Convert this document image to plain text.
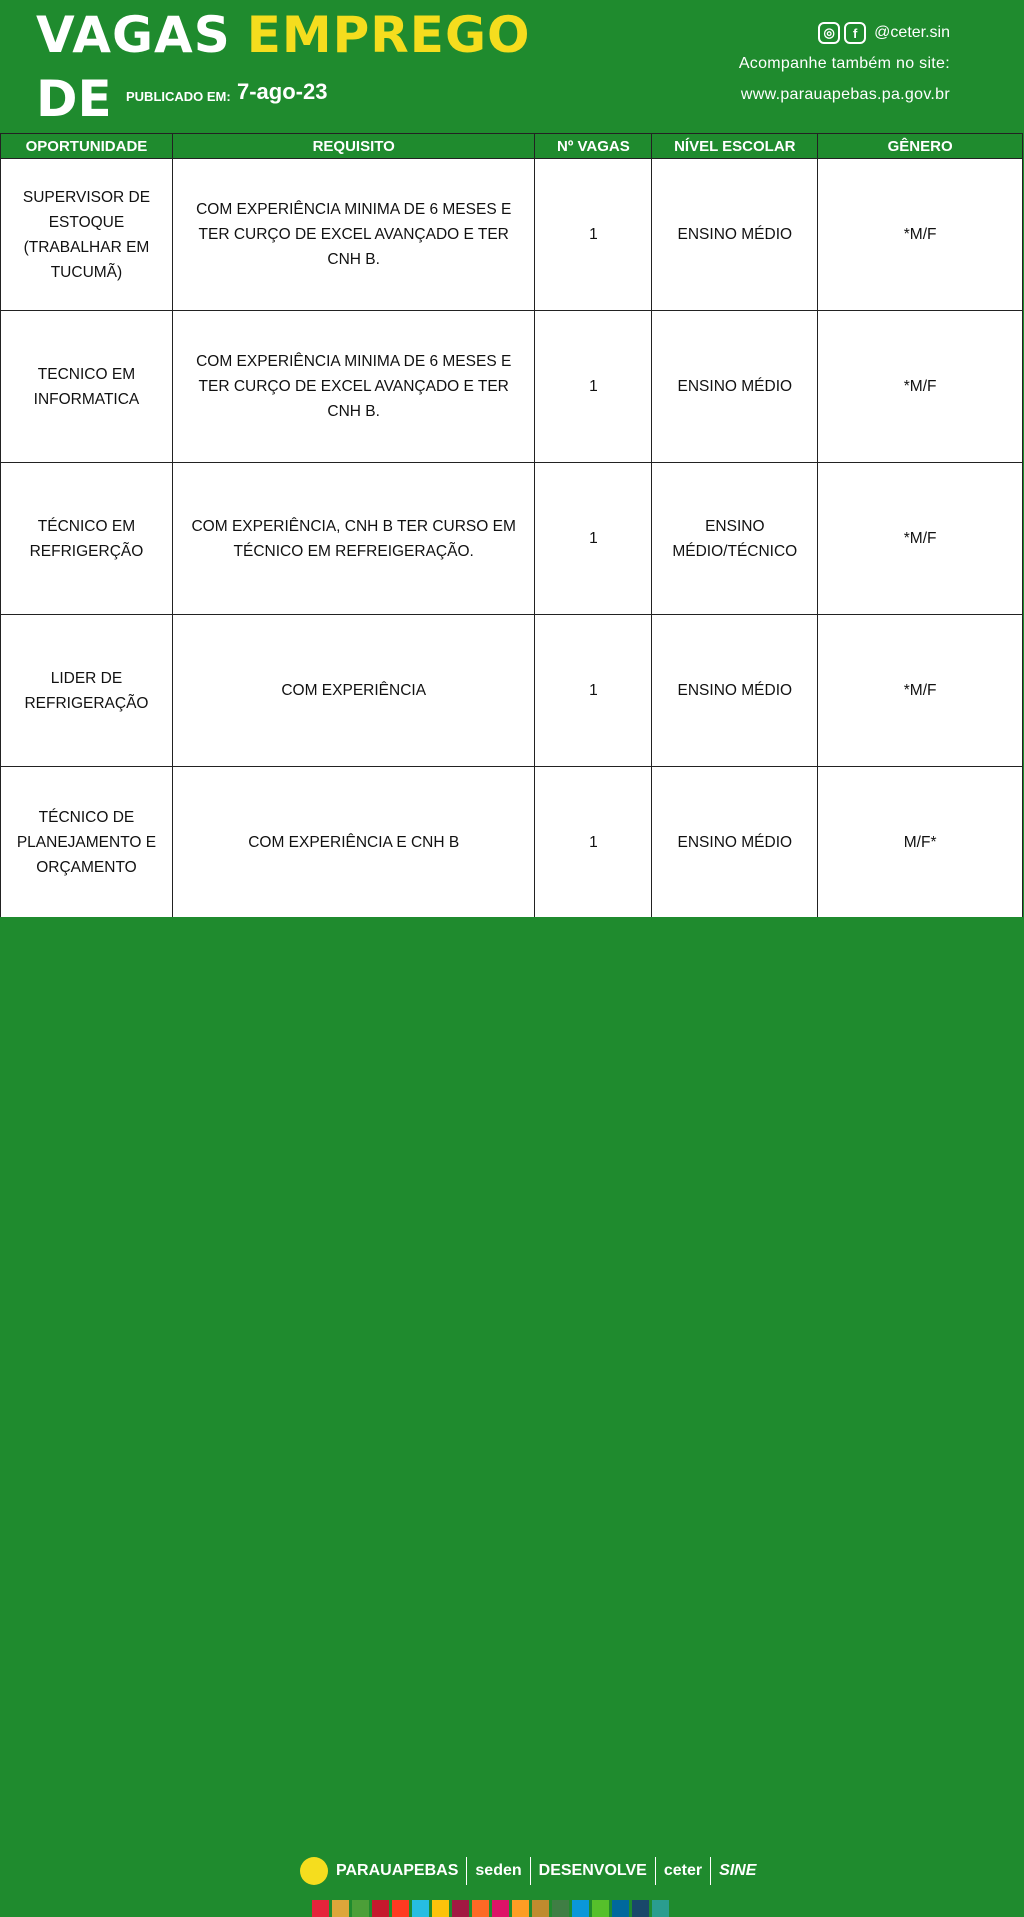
VAGAS EMPREGO
DE PUBLICADO EM: 7-ago-23
◎	f	@ceter.sin
Acompanhe também no site:
www.parauapebas.pa.gov.br
OPORTUNIDADE	REQUISITO	Nº VAGAS	NÍVEL ESCOLAR	GÊNERO
SUPERVISOR DE ESTOQUE (TRABALHAR EM TUCUMÃ)	COM EXPERIÊNCIA MINIMA DE 6 MESES E TER CURÇO DE EXCEL AVANÇADO E TER CNH B.	1	ENSINO MÉDIO	*M/F
TECNICO EM INFORMATICA	COM EXPERIÊNCIA MINIMA DE 6 MESES E TER CURÇO DE EXCEL AVANÇADO E TER CNH B.	1	ENSINO MÉDIO	*M/F
TÉCNICO EM REFRIGERÇÃO	COM EXPERIÊNCIA, CNH B TER CURSO EM TÉCNICO EM REFREIGERAÇÃO.	1	ENSINO MÉDIO/TÉCNICO	*M/F
LIDER DE REFRIGERAÇÃO	COM EXPERIÊNCIA	1	ENSINO MÉDIO	*M/F
TÉCNICO DE PLANEJAMENTO E ORÇAMENTO	COM EXPERIÊNCIA E CNH B	1	ENSINO MÉDIO	M/F*
PARAUAPEBAS seden DESENVOLVE ceter SINE
